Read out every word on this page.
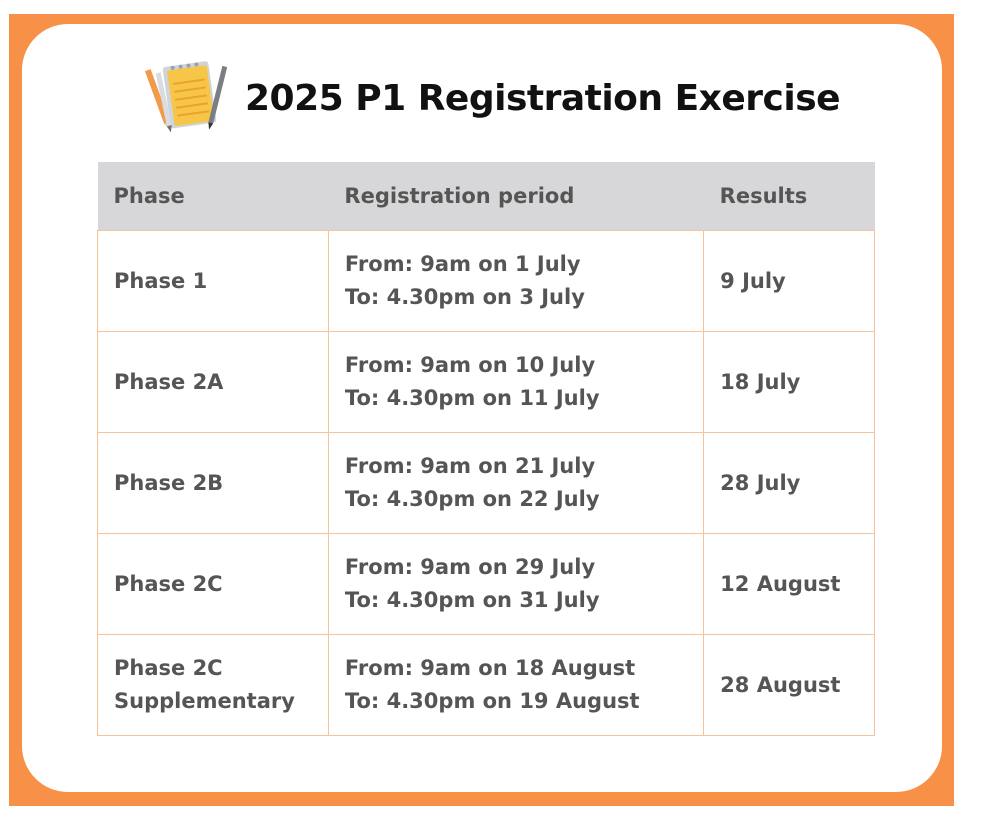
2025 P1 Registration Exercise
Phase	Registration period	Results
Phase 1	From: 9am on 1 July
To: 4.30pm on 3 July	9 July
Phase 2A	From: 9am on 10 July
To: 4.30pm on 11 July	18 July
Phase 2B	From: 9am on 21 July
To: 4.30pm on 22 July	28 July
Phase 2C	From: 9am on 29 July
To: 4.30pm on 31 July	12 August
Phase 2C Supplementary	From: 9am on 18 August
To: 4.30pm on 19 August	28 August
